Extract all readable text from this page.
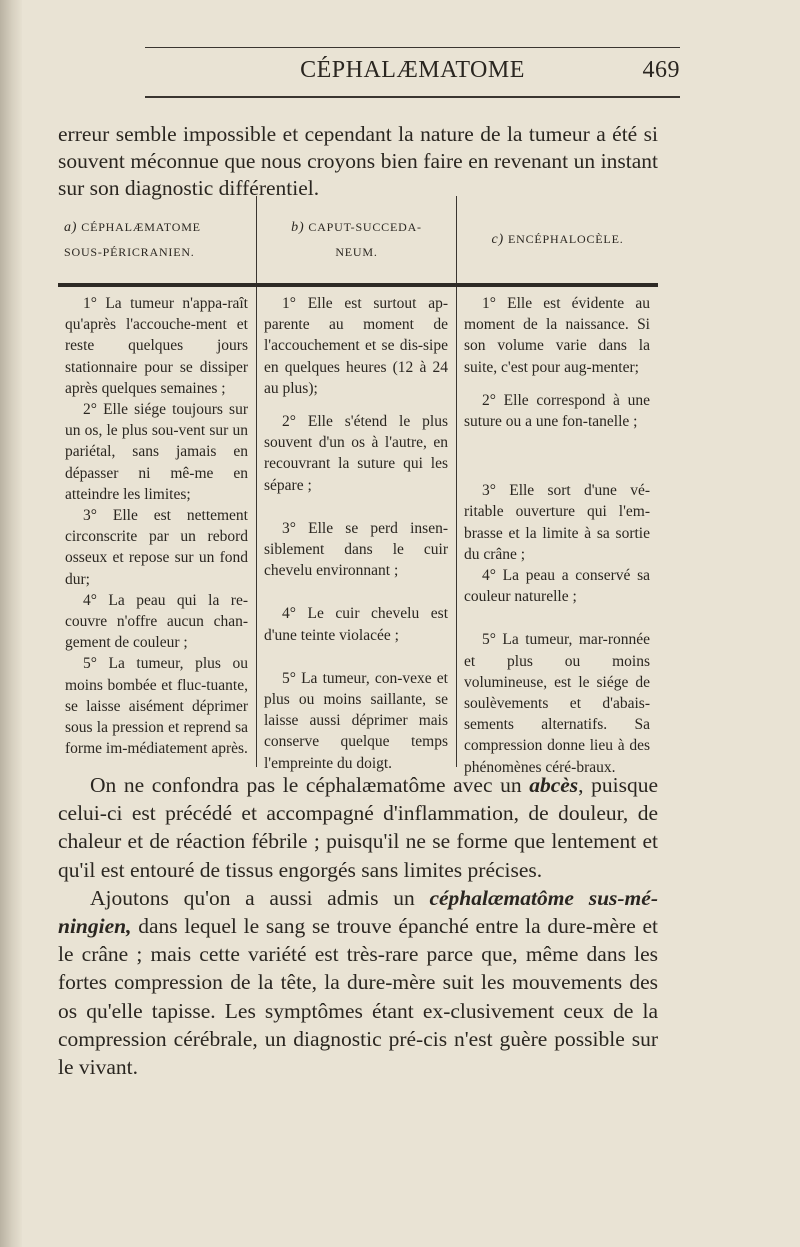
CÉPHALÆMATOME	469

erreur semble impossible et cependant la nature de la tumeur a été si souvent méconnue que nous croyons bien faire en revenant un instant sur son diagnostic différentiel.

a) CÉPHALÆMATOME
SOUS-PÉRICRANIEN.
b) CAPUT-SUCCEDA-
NEUM.
c) ENCÉPHALOCÈLE.

1° La tumeur n'appa-raît qu'après l'accouche-ment et reste quelques jours stationnaire pour se dissiper après quelques semaines ;

2° Elle siége toujours sur un os, le plus sou-vent sur un pariétal, sans jamais en dépasser ni mê-me en atteindre les limites;

3° Elle est nettement circonscrite par un rebord osseux et repose sur un fond dur;

4° La peau qui la re-couvre n'offre aucun chan-gement de couleur ;

5° La tumeur, plus ou moins bombée et fluc-tuante, se laisse aisément déprimer sous la pression et reprend sa forme im-médiatement après.

1° Elle est surtout ap-parente au moment de l'accouchement et se dis-sipe en quelques heures (12 à 24 au plus);

2° Elle s'étend le plus souvent d'un os à l'autre, en recouvrant la suture qui les sépare ;

3° Elle se perd insen-siblement dans le cuir chevelu environnant ;

4° Le cuir chevelu est d'une teinte violacée ;

5° La tumeur, con-vexe et plus ou moins saillante, se laisse aussi déprimer mais conserve quelque temps l'empreinte du doigt.

1° Elle est évidente au moment de la naissance. Si son volume varie dans la suite, c'est pour aug-menter;

2° Elle correspond à une suture ou a une fon-tanelle ;

3° Elle sort d'une vé-ritable ouverture qui l'em-brasse et la limite à sa sortie du crâne ;

4° La peau a conservé sa couleur naturelle ;

5° La tumeur, mar-ronnée et plus ou moins volumineuse, est le siége de soulèvements et d'abais-sements alternatifs. Sa compression donne lieu à des phénomènes céré-braux.

On ne confondra pas le céphalæmatôme avec un abcès, puisque celui-ci est précédé et accompagné d'inflammation, de douleur, de chaleur et de réaction fébrile ; puisqu'il ne se forme que lentement et qu'il est entouré de tissus engorgés sans limites précises.

Ajoutons qu'on a aussi admis un céphalæmatôme sus-mé-ningien, dans lequel le sang se trouve épanché entre la dure-mère et le crâne ; mais cette variété est très-rare parce que, même dans les fortes compression de la tête, la dure-mère suit les mouvements des os qu'elle tapisse. Les symptômes étant ex-clusivement ceux de la compression cérébrale, un diagnostic pré-cis n'est guère possible sur le vivant.
